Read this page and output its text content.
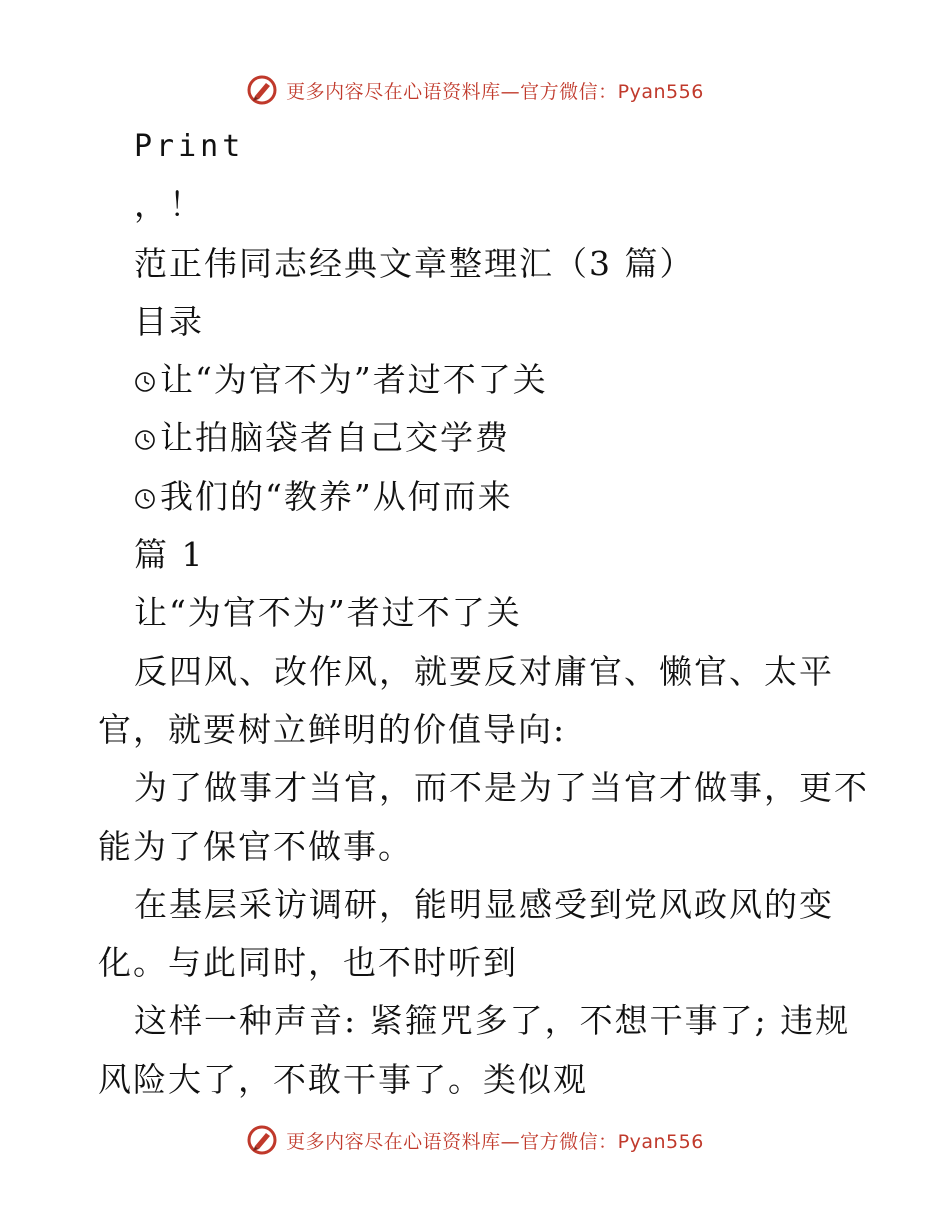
更多内容尽在心语资料库—官方微信：Pyan556
Print
，！
范正伟同志经典文章整理汇（3 篇）
目录
让“为官不为”者过不了关
让拍脑袋者自己交学费
我们的“教养”从何而来
篇 1
让“为官不为”者过不了关
反四风、改作风，就要反对庸官、懒官、太平
官，就要树立鲜明的价值导向:
为了做事才当官，而不是为了当官才做事，更不
能为了保官不做事。
在基层采访调研，能明显感受到党风政风的变
化。与此同时，也不时听到
这样一种声音: 紧箍咒多了，不想干事了; 违规
风险大了，不敢干事了。类似观
更多内容尽在心语资料库—官方微信：Pyan556
